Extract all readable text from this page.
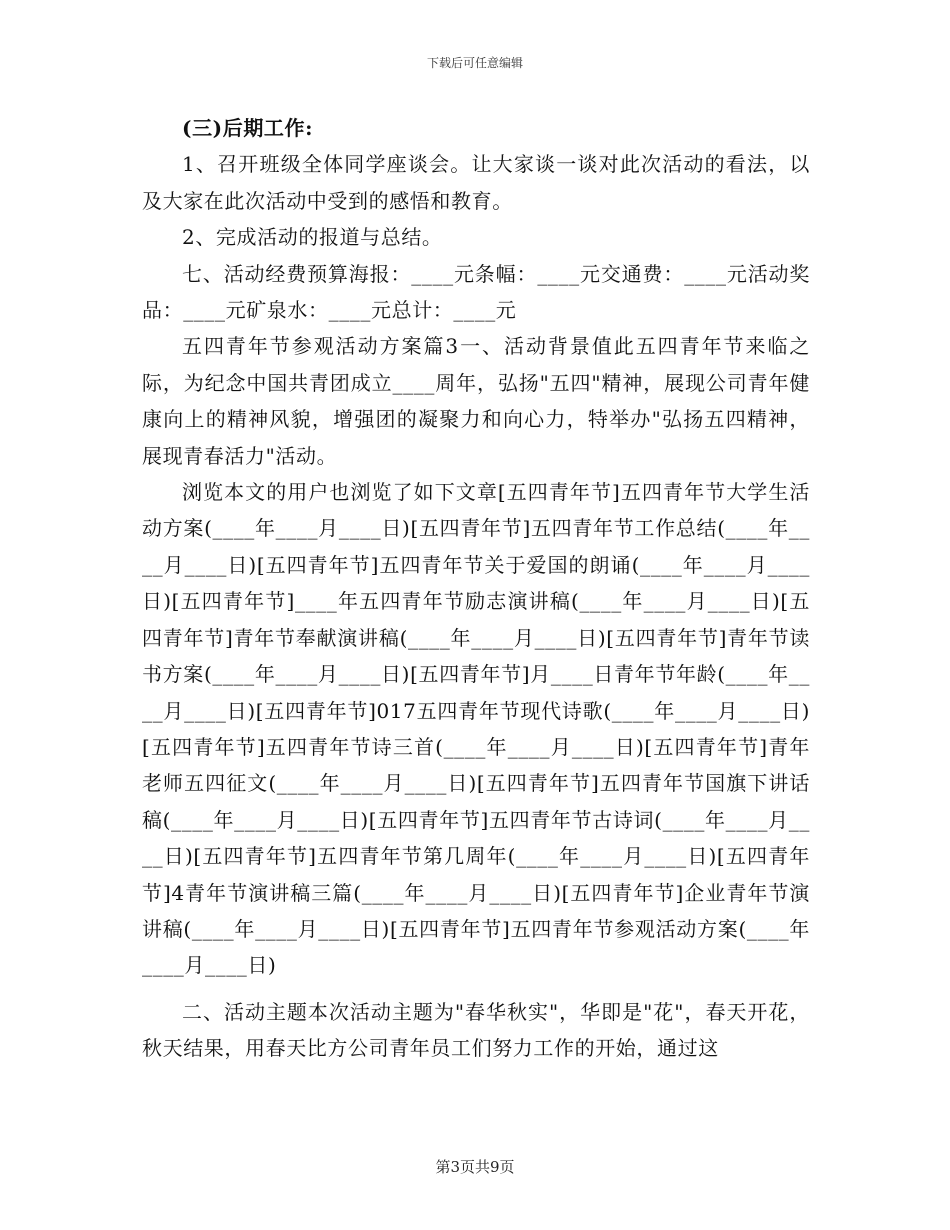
下载后可任意编辑

(三)后期工作:

1、召开班级全体同学座谈会。让大家谈一谈对此次活动的看法，以及大家在此次活动中受到的感悟和教育。

2、完成活动的报道与总结。

七、活动经费预算海报：____元条幅：____元交通费：____元活动奖品：____元矿泉水：____元总计：____元

五四青年节参观活动方案篇3一、活动背景值此五四青年节来临之际，为纪念中国共青团成立____周年，弘扬"五四"精神，展现公司青年健康向上的精神风貌，增强团的凝聚力和向心力，特举办"弘扬五四精神，展现青春活力"活动。

浏览本文的用户也浏览了如下文章[五四青年节]五四青年节大学生活动方案(____年____月____日)[五四青年节]五四青年节工作总结(____年____月____日)[五四青年节]五四青年节关于爱国的朗诵(____年____月____日)[五四青年节]____年五四青年节励志演讲稿(____年____月____日)[五四青年节]青年节奉献演讲稿(____年____月____日)[五四青年节]青年节读书方案(____年____月____日)[五四青年节]月____日青年节年龄(____年____月____日)[五四青年节]017五四青年节现代诗歌(____年____月____日)[五四青年节]五四青年节诗三首(____年____月____日)[五四青年节]青年老师五四征文(____年____月____日)[五四青年节]五四青年节国旗下讲话稿(____年____月____日)[五四青年节]五四青年节古诗词(____年____月____日)[五四青年节]五四青年节第几周年(____年____月____日)[五四青年节]4青年节演讲稿三篇(____年____月____日)[五四青年节]企业青年节演讲稿(____年____月____日)[五四青年节]五四青年节参观活动方案(____年____月____日)

二、活动主题本次活动主题为"春华秋实"，华即是"花"，春天开花，秋天结果，用春天比方公司青年员工们努力工作的开始，通过这

第3页共9页
